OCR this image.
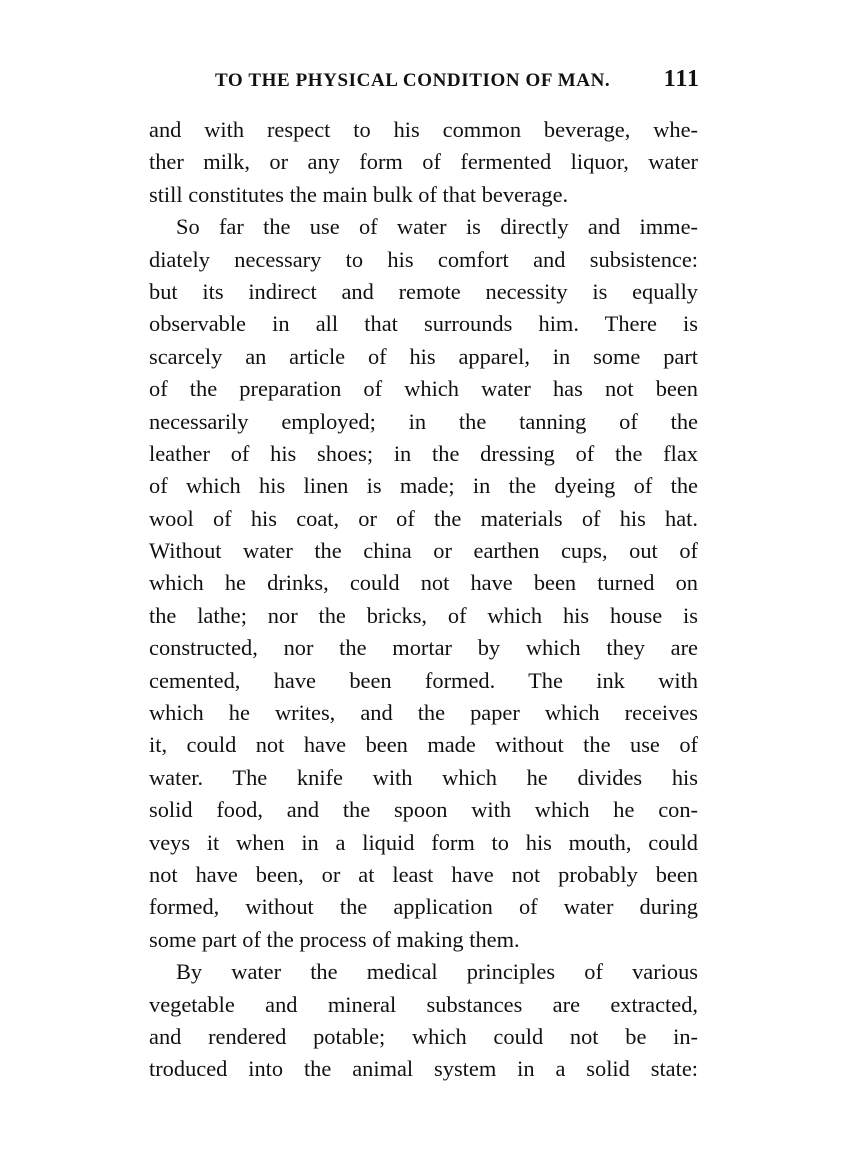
TO THE PHYSICAL CONDITION OF MAN. 111
and with respect to his common beverage, whe-
ther milk, or any form of fermented liquor, water
still constitutes the main bulk of that beverage.
So far the use of water is directly and imme-
diately necessary to his comfort and subsistence:
but its indirect and remote necessity is equally
observable in all that surrounds him. There is
scarcely an article of his apparel, in some part
of the preparation of which water has not been
necessarily employed; in the tanning of the
leather of his shoes; in the dressing of the flax
of which his linen is made; in the dyeing of the
wool of his coat, or of the materials of his hat.
Without water the china or earthen cups, out of
which he drinks, could not have been turned on
the lathe; nor the bricks, of which his house is
constructed, nor the mortar by which they are
cemented, have been formed. The ink with
which he writes, and the paper which receives
it, could not have been made without the use of
water. The knife with which he divides his
solid food, and the spoon with which he con-
veys it when in a liquid form to his mouth, could
not have been, or at least have not probably been
formed, without the application of water during
some part of the process of making them.
By water the medical principles of various
vegetable and mineral substances are extracted,
and rendered potable; which could not be in-
troduced into the animal system in a solid state:
